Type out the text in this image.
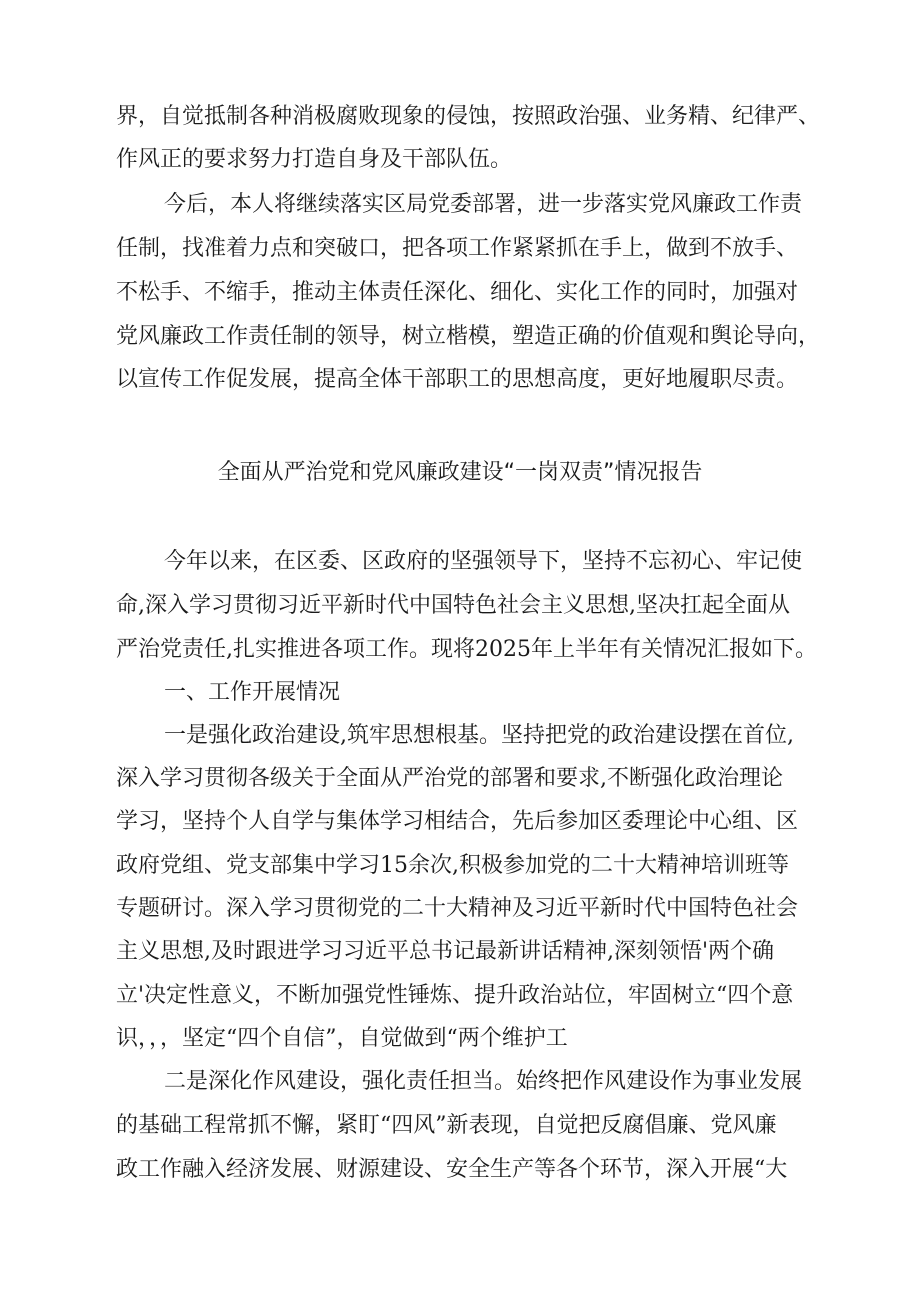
界，自觉抵制各种消极腐败现象的侵蚀，按照政治强、业务精、纪律严、
作风正的要求努力打造自身及干部队伍。
今后，本人将继续落实区局党委部署，进一步落实党风廉政工作责
任制，找准着力点和突破口，把各项工作紧紧抓在手上，做到不放手、
不松手、不缩手，推动主体责任深化、细化、实化工作的同时，加强对
党风廉政工作责任制的领导，树立楷模，塑造正确的价值观和舆论导向，
以宣传工作促发展，提高全体干部职工的思想高度，更好地履职尽责。
全面从严治党和党风廉政建设“一岗双责”情况报告
今年以来，在区委、区政府的坚强领导下，坚持不忘初心、牢记使
命,深入学习贯彻习近平新时代中国特色社会主义思想,坚决扛起全面从
严治党责任,扎实推进各项工作。现将2025年上半年有关情况汇报如下。
一、工作开展情况
一是强化政治建设,筑牢思想根基。坚持把党的政治建设摆在首位,
深入学习贯彻各级关于全面从严治党的部署和要求,不断强化政治理论
学习，坚持个人自学与集体学习相结合，先后参加区委理论中心组、区
政府党组、党支部集中学习15余次,积极参加党的二十大精神培训班等
专题研讨。深入学习贯彻党的二十大精神及习近平新时代中国特色社会
主义思想,及时跟进学习习近平总书记最新讲话精神,深刻领悟'两个确
立'决定性意义，不断加强党性锤炼、提升政治站位，牢固树立“四个意
识，，，坚定“四个自信”，自觉做到“两个维护工
二是深化作风建设，强化责任担当。始终把作风建设作为事业发展
的基础工程常抓不懈，紧盯“四风”新表现，自觉把反腐倡廉、党风廉
政工作融入经济发展、财源建设、安全生产等各个环节，深入开展“大
